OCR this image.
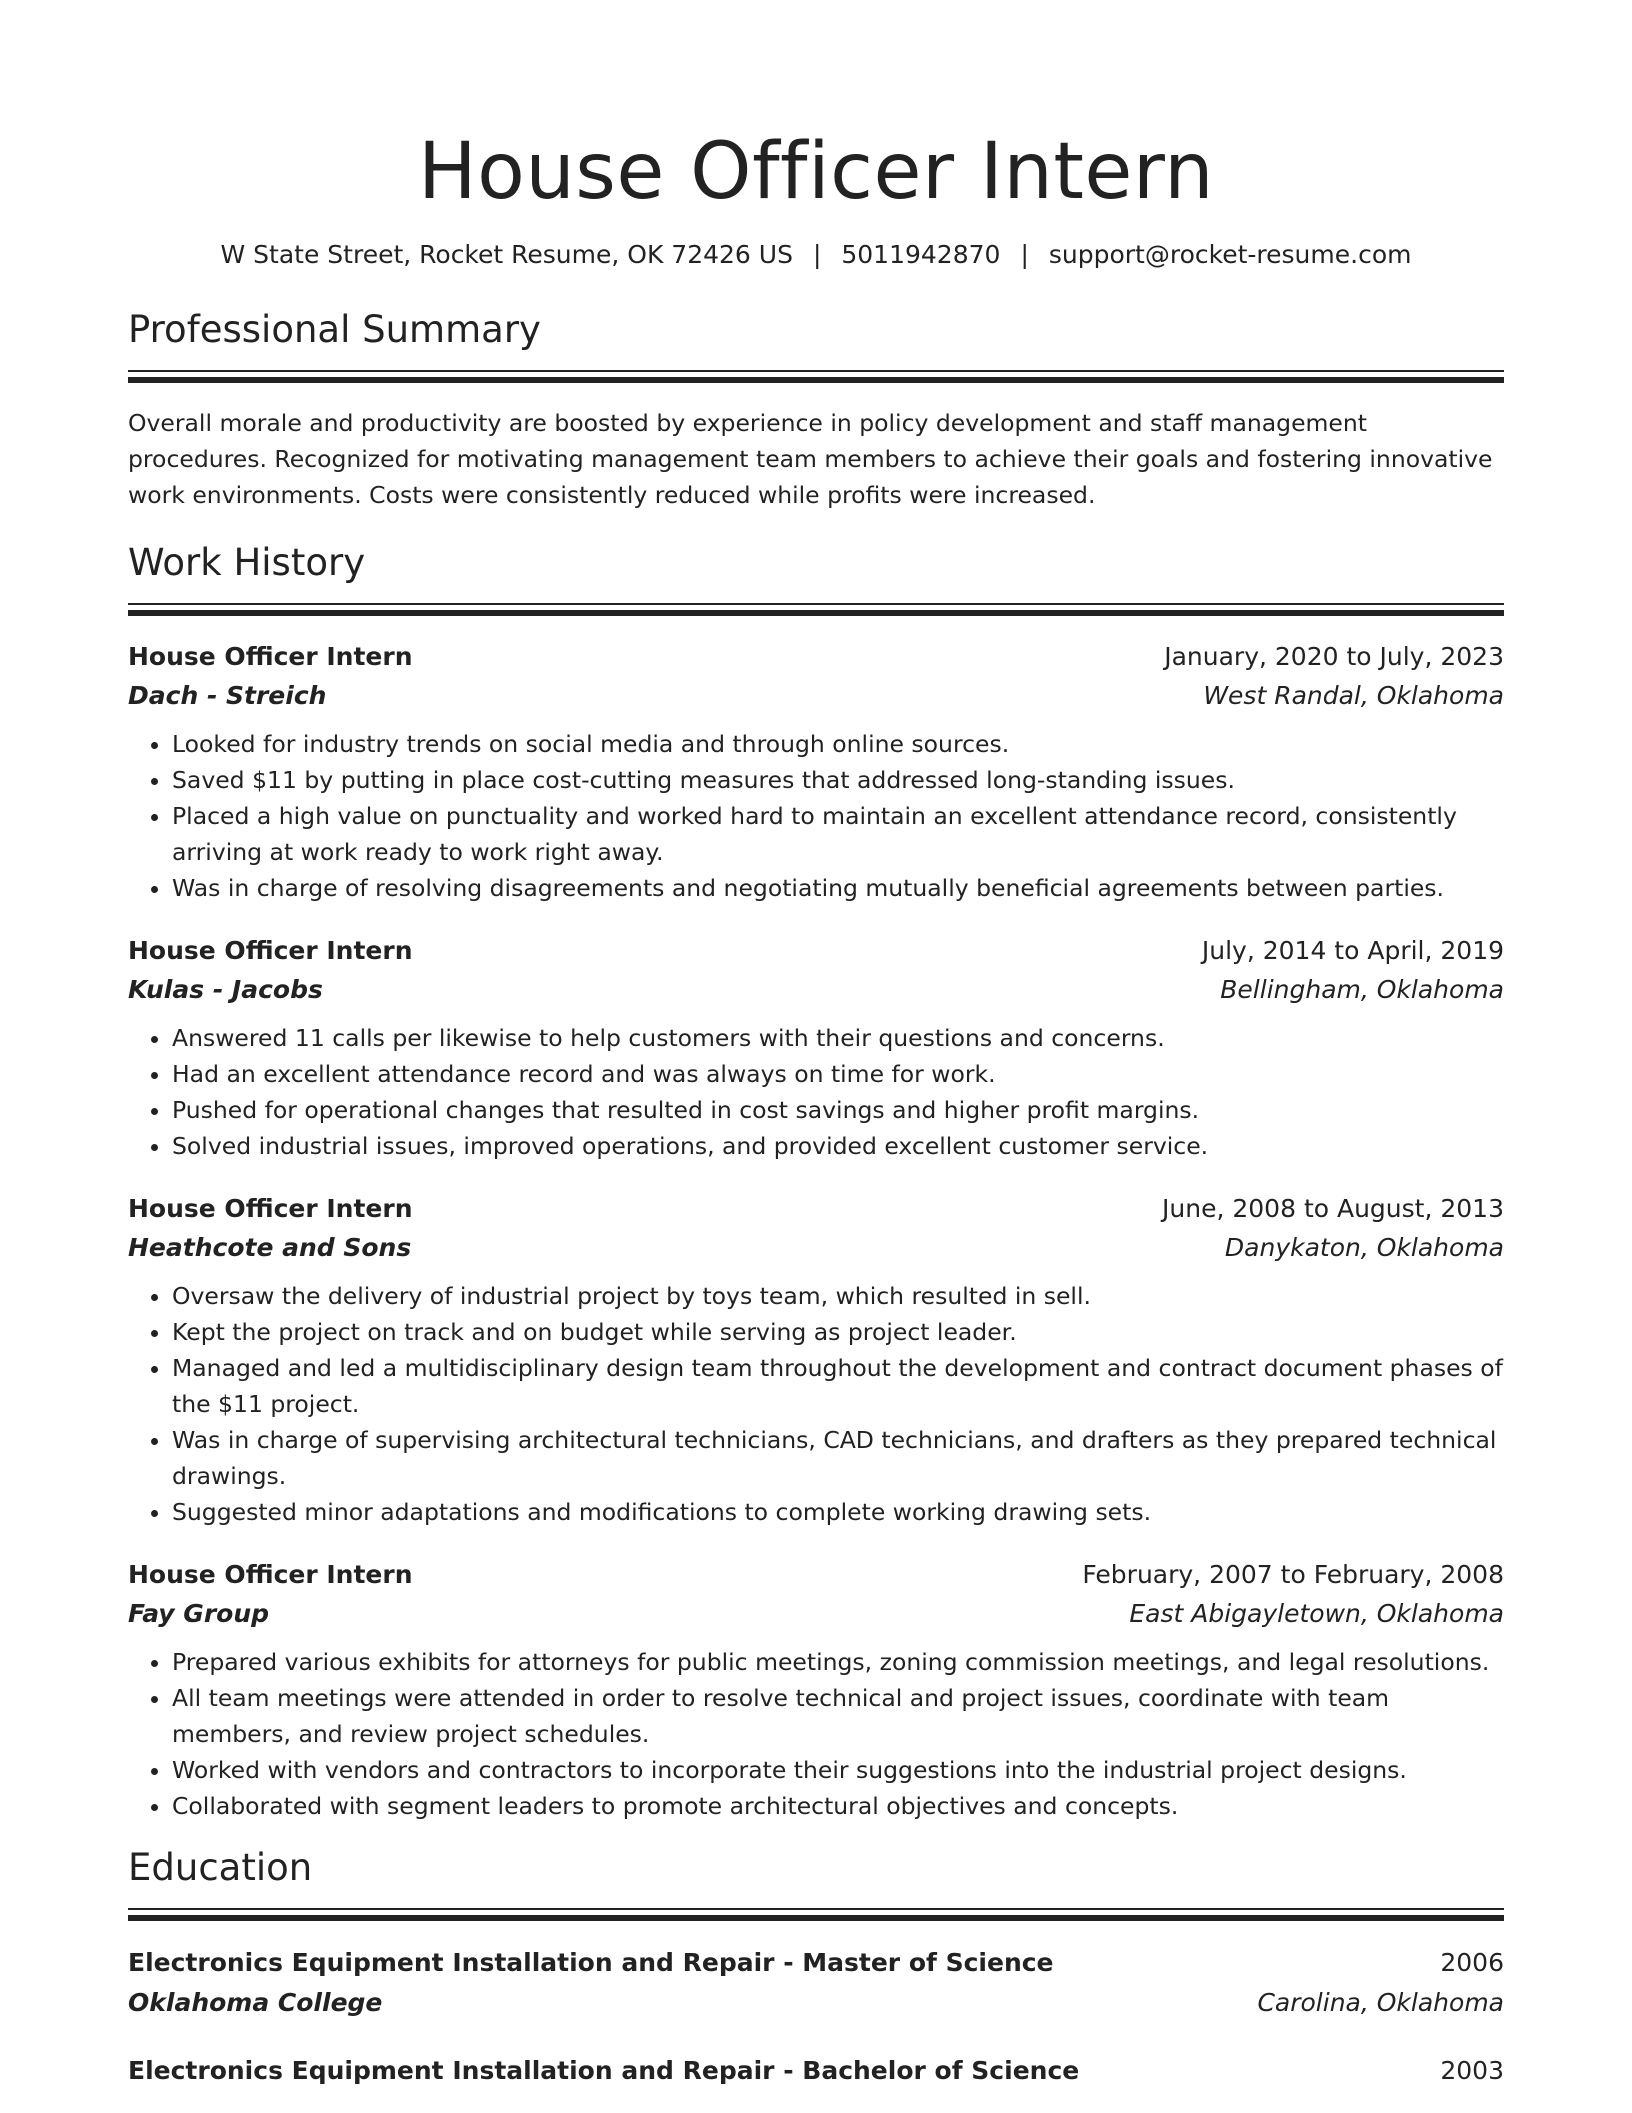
House Officer Intern
W State Street, Rocket Resume, OK 72426 US | 5011942870 | support@rocket-resume.com
Professional Summary

Overall morale and productivity are boosted by experience in policy development and staff management procedures. Recognized for motivating management team members to achieve their goals and fostering innovative work environments. Costs were consistently reduced while profits were increased.

Work History
House Officer Intern	January, 2020 to July, 2023
Dach - Streich	West Randal, Oklahoma
• Looked for industry trends on social media and through online sources.
• Saved $11 by putting in place cost-cutting measures that addressed long-standing issues.
• Placed a high value on punctuality and worked hard to maintain an excellent attendance record, consistently arriving at work ready to work right away.
• Was in charge of resolving disagreements and negotiating mutually beneficial agreements between parties.
House Officer Intern	July, 2014 to April, 2019
Kulas - Jacobs	Bellingham, Oklahoma
• Answered 11 calls per likewise to help customers with their questions and concerns.
• Had an excellent attendance record and was always on time for work.
• Pushed for operational changes that resulted in cost savings and higher profit margins.
• Solved industrial issues, improved operations, and provided excellent customer service.
House Officer Intern	June, 2008 to August, 2013
Heathcote and Sons	Danykaton, Oklahoma
• Oversaw the delivery of industrial project by toys team, which resulted in sell.
• Kept the project on track and on budget while serving as project leader.
• Managed and led a multidisciplinary design team throughout the development and contract document phases of the $11 project.
• Was in charge of supervising architectural technicians, CAD technicians, and drafters as they prepared technical drawings.
• Suggested minor adaptations and modifications to complete working drawing sets.
House Officer Intern	February, 2007 to February, 2008
Fay Group	East Abigayletown, Oklahoma
• Prepared various exhibits for attorneys for public meetings, zoning commission meetings, and legal resolutions.
• All team meetings were attended in order to resolve technical and project issues, coordinate with team members, and review project schedules.
• Worked with vendors and contractors to incorporate their suggestions into the industrial project designs.
• Collaborated with segment leaders to promote architectural objectives and concepts.
Education
Electronics Equipment Installation and Repair - Master of Science	2006
Oklahoma College	Carolina, Oklahoma
Electronics Equipment Installation and Repair - Bachelor of Science	2003
